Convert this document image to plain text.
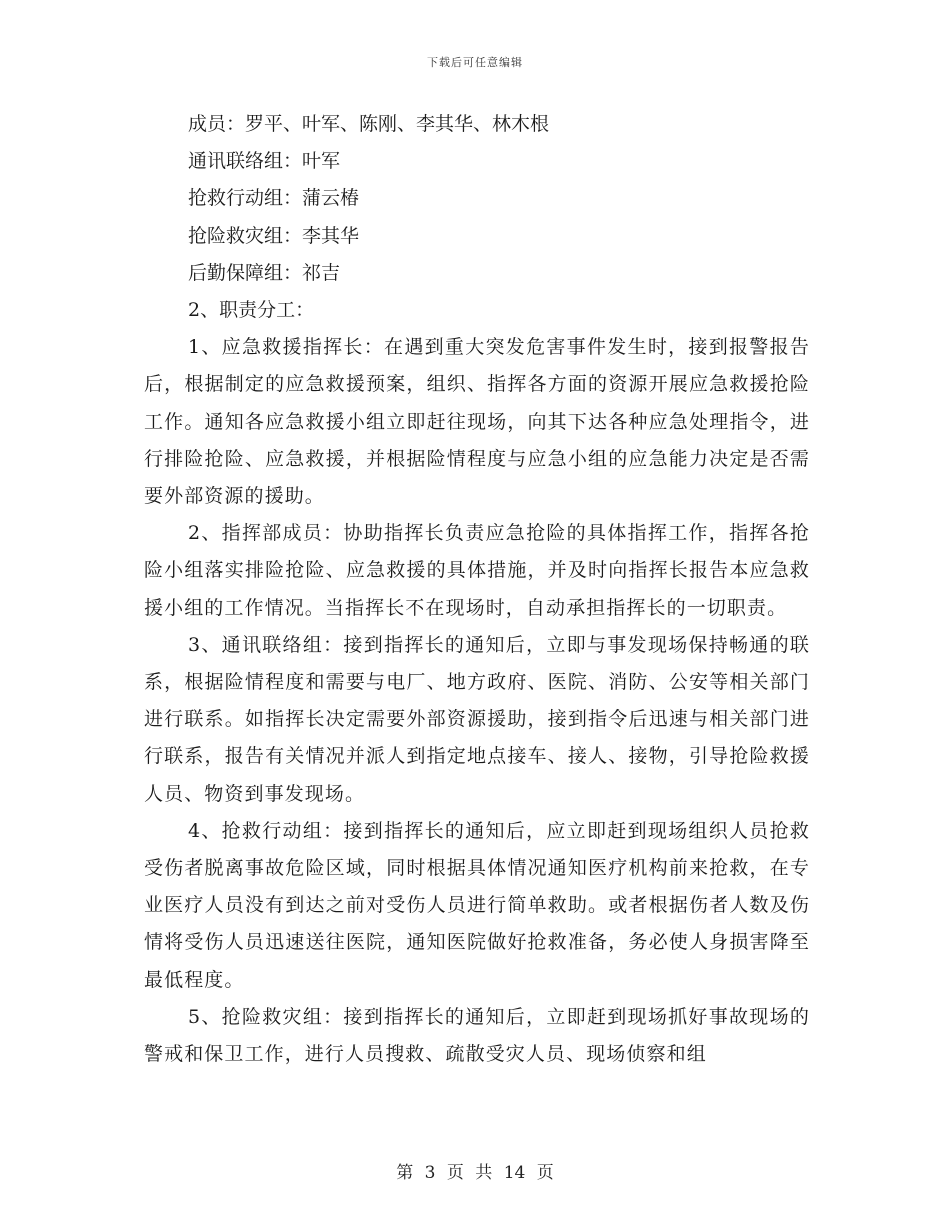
下载后可任意编辑

成员：罗平、叶军、陈刚、李其华、林木根

通讯联络组：叶军

抢救行动组：蒲云椿

抢险救灾组：李其华

后勤保障组：祁吉

2、职责分工：

1、应急救援指挥长：在遇到重大突发危害事件发生时，接到报警报告后，根据制定的应急救援预案，组织、指挥各方面的资源开展应急救援抢险工作。通知各应急救援小组立即赶往现场，向其下达各种应急处理指令，进行排险抢险、应急救援，并根据险情程度与应急小组的应急能力决定是否需要外部资源的援助。

2、指挥部成员：协助指挥长负责应急抢险的具体指挥工作，指挥各抢险小组落实排险抢险、应急救援的具体措施，并及时向指挥长报告本应急救援小组的工作情况。当指挥长不在现场时，自动承担指挥长的一切职责。

3、通讯联络组：接到指挥长的通知后，立即与事发现场保持畅通的联系，根据险情程度和需要与电厂、地方政府、医院、消防、公安等相关部门进行联系。如指挥长决定需要外部资源援助，接到指令后迅速与相关部门进行联系，报告有关情况并派人到指定地点接车、接人、接物，引导抢险救援人员、物资到事发现场。

4、抢救行动组：接到指挥长的通知后，应立即赶到现场组织人员抢救受伤者脱离事故危险区域，同时根据具体情况通知医疗机构前来抢救，在专业医疗人员没有到达之前对受伤人员进行简单救助。或者根据伤者人数及伤情将受伤人员迅速送往医院，通知医院做好抢救准备，务必使人身损害降至最低程度。

5、抢险救灾组：接到指挥长的通知后，立即赶到现场抓好事故现场的警戒和保卫工作，进行人员搜救、疏散受灾人员、现场侦察和组

第 3 页 共 14 页
